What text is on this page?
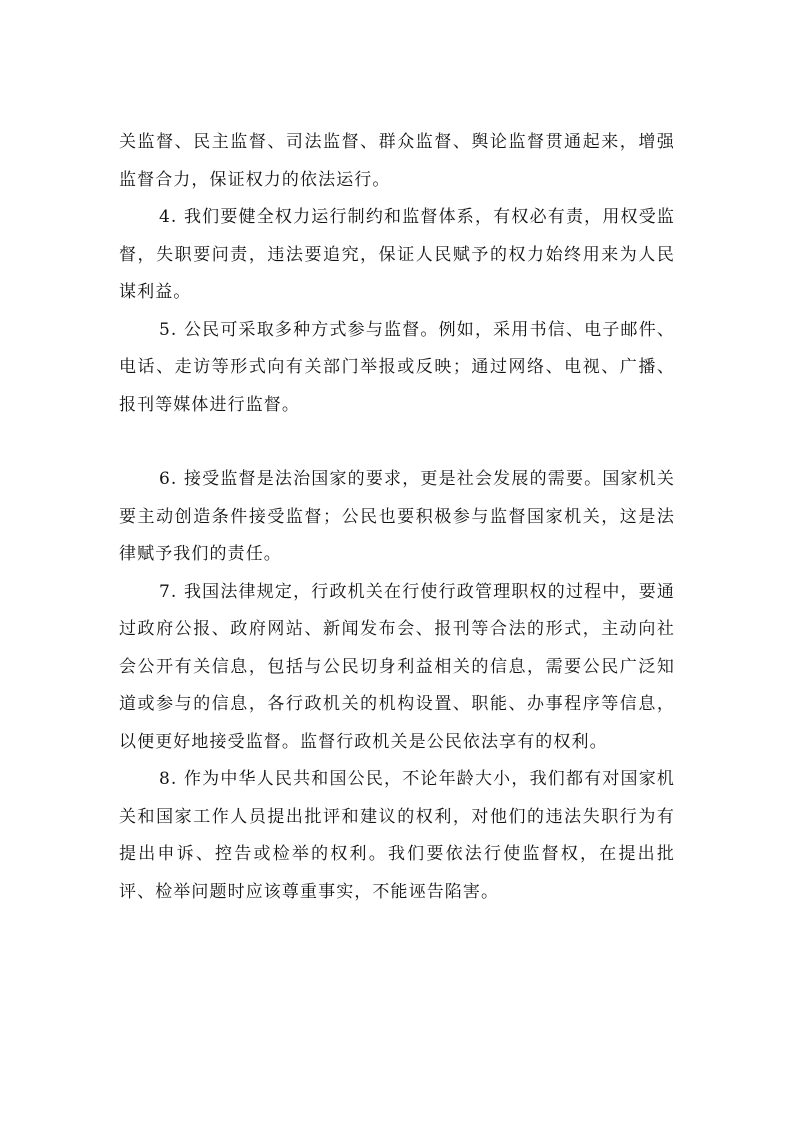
关监督、民主监督、司法监督、群众监督、舆论监督贯通起来，增强监督合力，保证权力的依法运行。

4. 我们要健全权力运行制约和监督体系，有权必有责，用权受监督，失职要问责，违法要追究，保证人民赋予的权力始终用来为人民谋利益。

5. 公民可采取多种方式参与监督。例如，采用书信、电子邮件、电话、走访等形式向有关部门举报或反映；通过网络、电视、广播、报刊等媒体进行监督。

6. 接受监督是法治国家的要求，更是社会发展的需要。国家机关要主动创造条件接受监督；公民也要积极参与监督国家机关，这是法律赋予我们的责任。

7. 我国法律规定，行政机关在行使行政管理职权的过程中，要通过政府公报、政府网站、新闻发布会、报刊等合法的形式，主动向社会公开有关信息，包括与公民切身利益相关的信息，需要公民广泛知道或参与的信息，各行政机关的机构设置、职能、办事程序等信息，以便更好地接受监督。监督行政机关是公民依法享有的权利。

8. 作为中华人民共和国公民，不论年龄大小，我们都有对国家机关和国家工作人员提出批评和建议的权利，对他们的违法失职行为有提出申诉、控告或检举的权利。我们要依法行使监督权，在提出批评、检举问题时应该尊重事实，不能诬告陷害。
